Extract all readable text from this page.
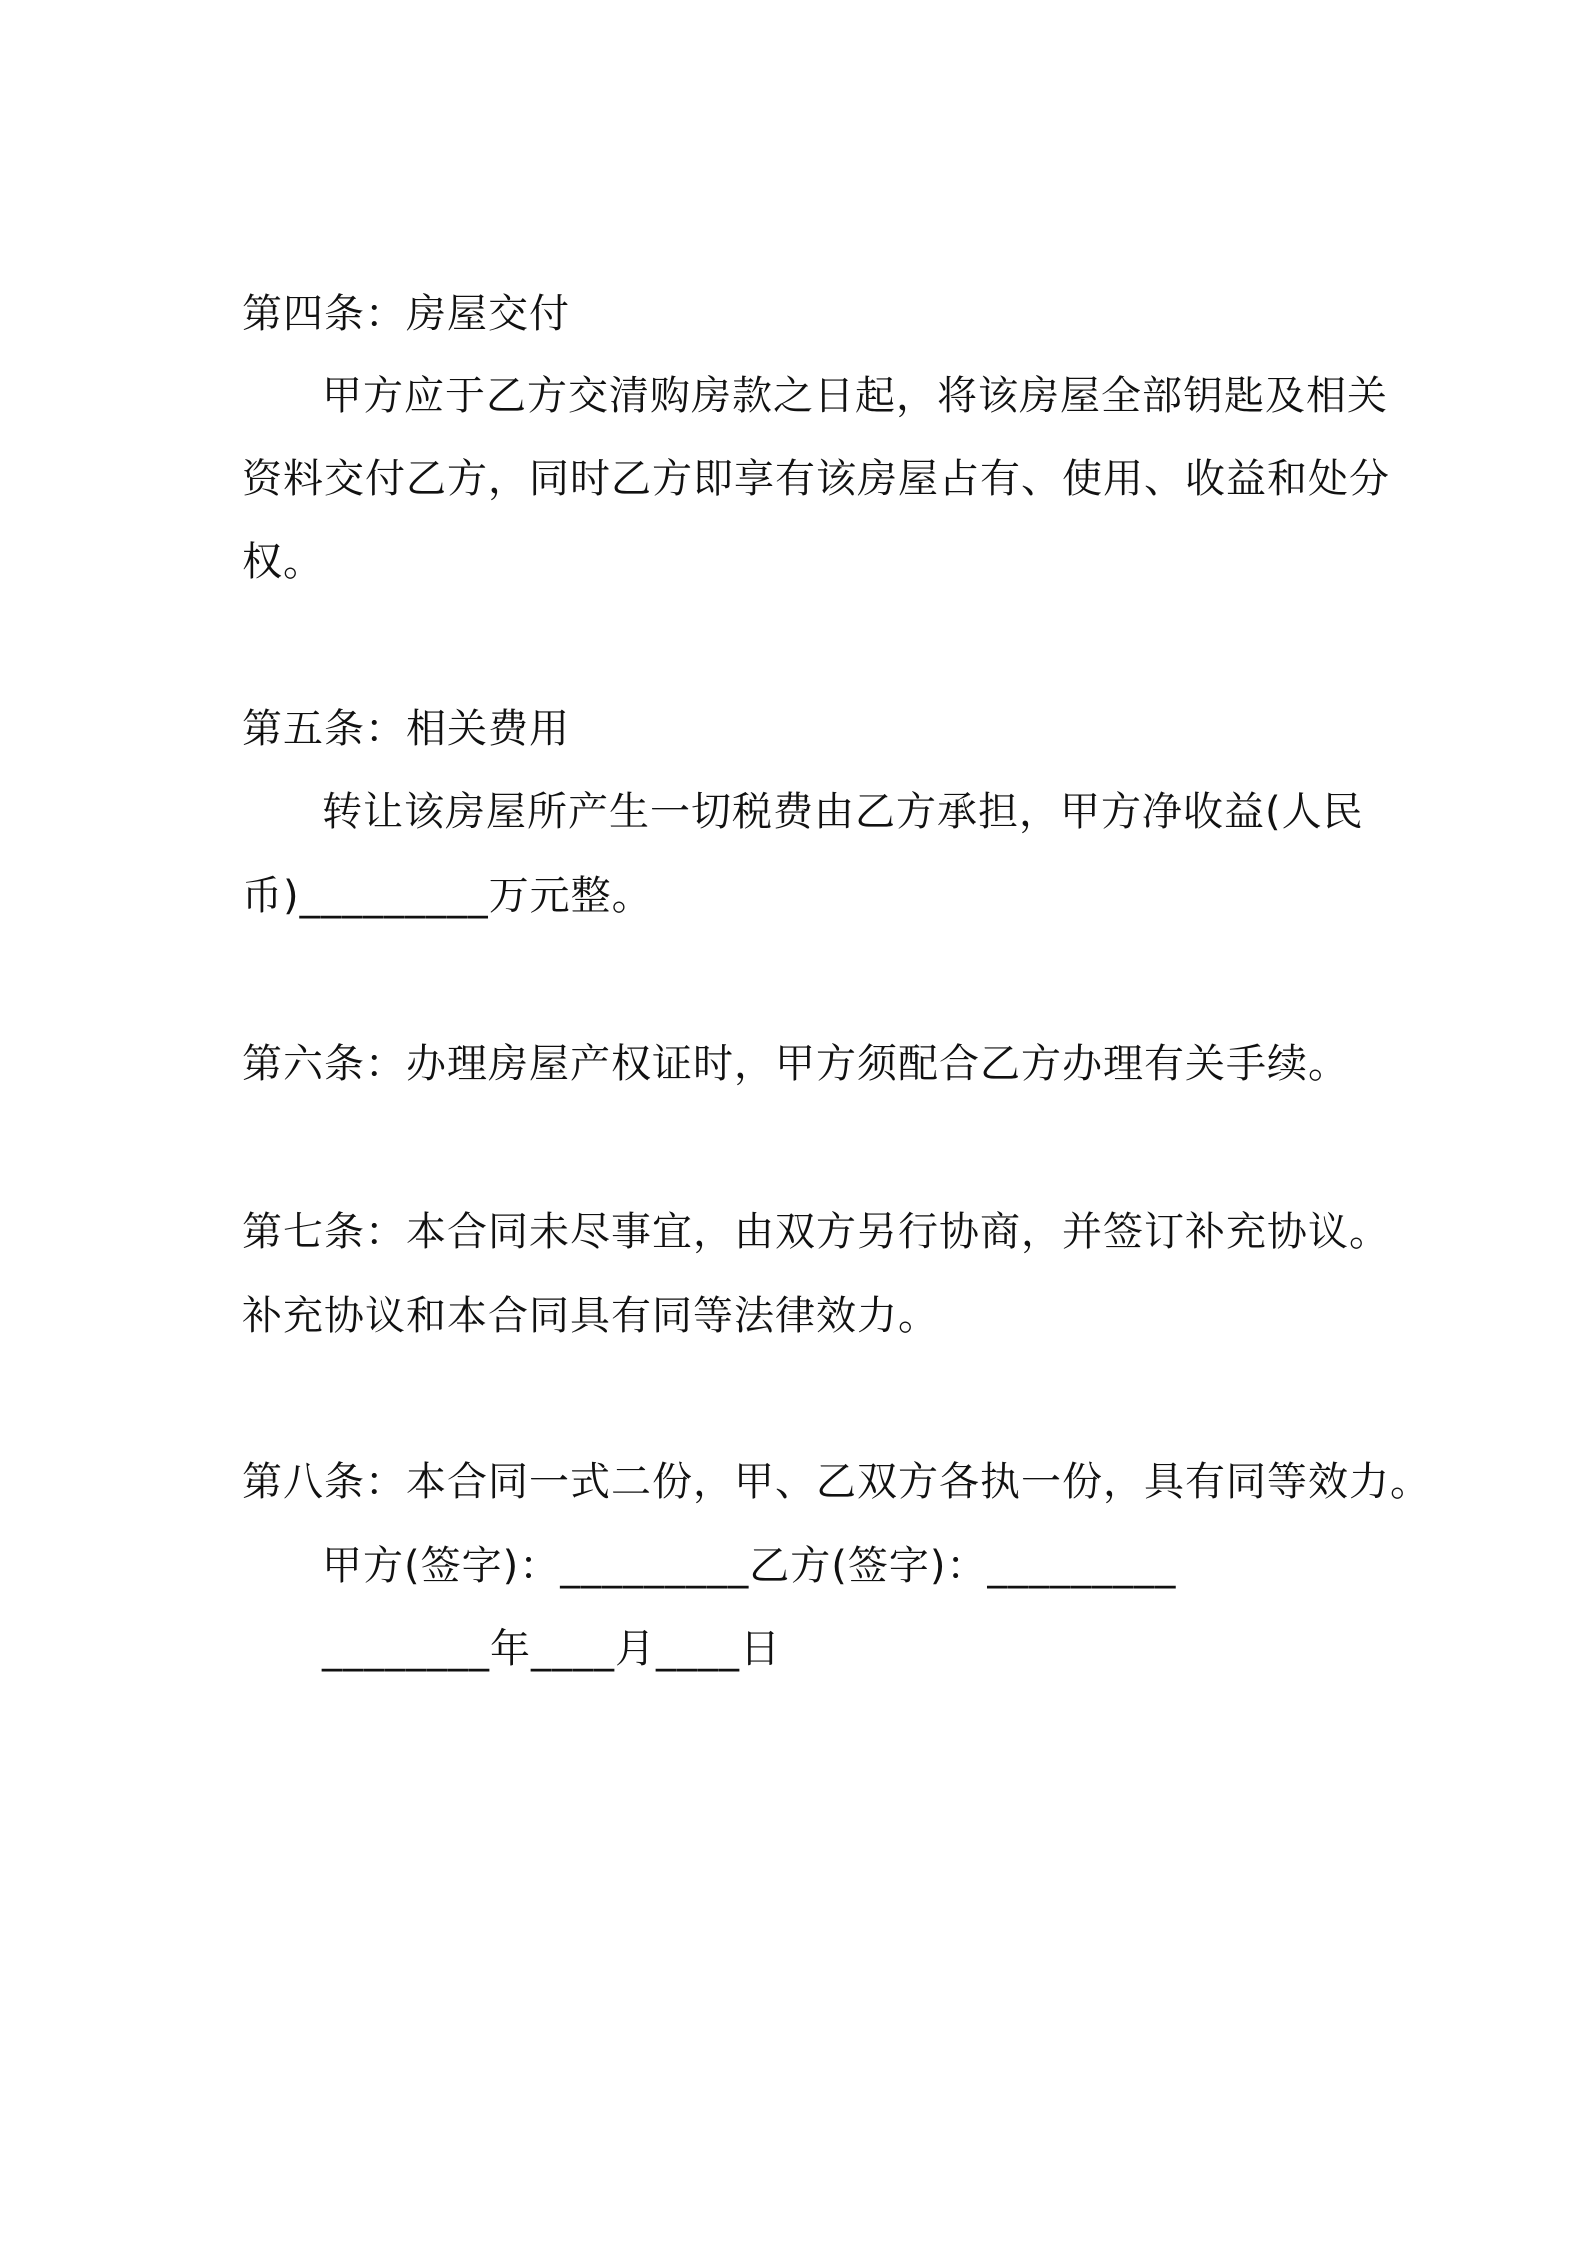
第四条：房屋交付
甲方应于乙方交清购房款之日起，将该房屋全部钥匙及相关
资料交付乙方，同时乙方即享有该房屋占有、使用、收益和处分
权。
第五条：相关费用
转让该房屋所产生一切税费由乙方承担，甲方净收益(人民
币)_________万元整。
第六条：办理房屋产权证时，甲方须配合乙方办理有关手续。
第七条：本合同未尽事宜，由双方另行协商，并签订补充协议。
补充协议和本合同具有同等法律效力。
第八条：本合同一式二份，甲、乙双方各执一份，具有同等效力。
甲方(签字)：_________乙方(签字)：_________
________年____月____日
